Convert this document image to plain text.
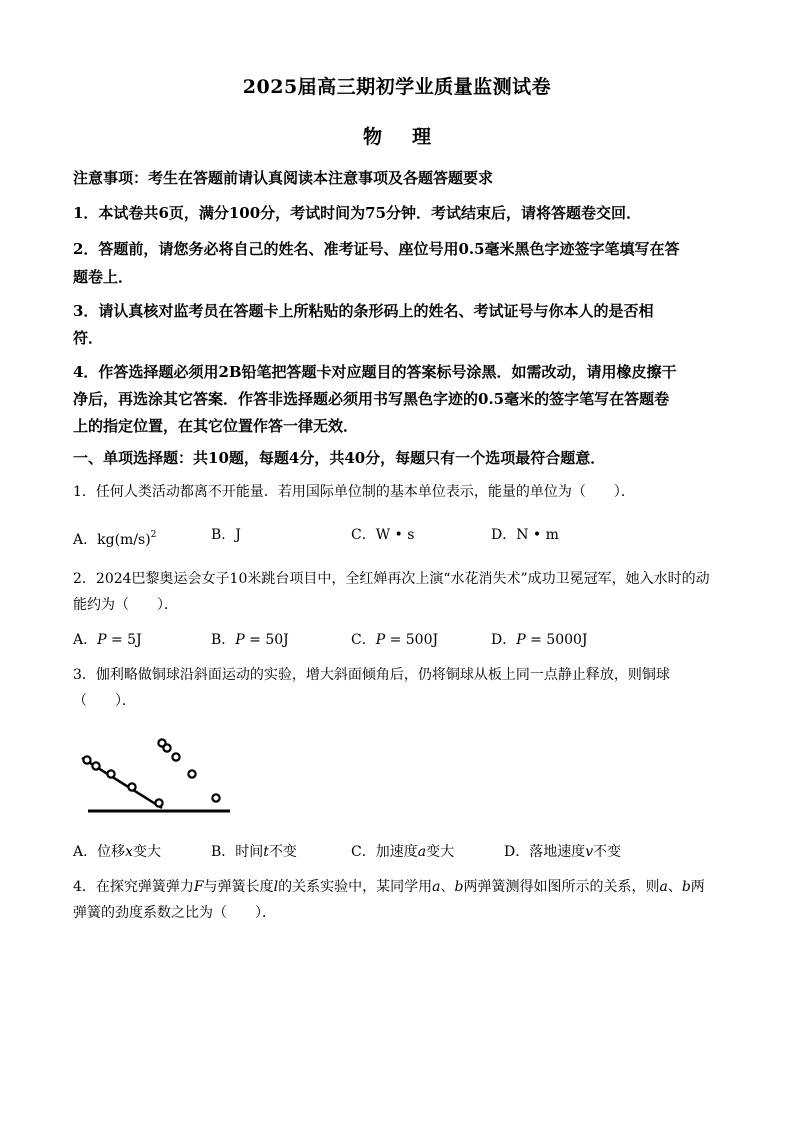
2025届高三期初学业质量监测试卷
物 理
注意事项：考生在答题前请认真阅读本注意事项及各题答题要求
1．本试卷共6页，满分100分，考试时间为75分钟．考试结束后，请将答题卷交回．
2．答题前，请您务必将自己的姓名、准考证号、座位号用0.5毫米黑色字迹签字笔填写在答
题卷上．
3．请认真核对监考员在答题卡上所粘贴的条形码上的姓名、考试证号与你本人的是否相
符．
4．作答选择题必须用2B铅笔把答题卡对应题目的答案标号涂黑．如需改动，请用橡皮擦干
净后，再选涂其它答案．作答非选择题必须用书写黑色字迹的0.5毫米的签字笔写在答题卷
上的指定位置，在其它位置作答一律无效．
一、单项选择题：共10题，每题4分，共40分，每题只有一个选项最符合题意．
1．任何人类活动都离不开能量．若用国际单位制的基本单位表示，能量的单位为（　　）．
A．$kg(m/s)^2$	B．J	C．W • s	D．N • m
2．2024巴黎奥运会女子10米跳台项目中，全红婵再次上演“水花消失术”成功卫冕冠军，她入水时的动
能约为（　　）．
A．P = 5J	B．P = 50J	C．P = 500J	D．P = 5000J
3．伽利略做铜球沿斜面运动的实验，增大斜面倾角后，仍将铜球从板上同一点静止释放，则铜球
（　　）．
A．位移x变大	B．时间t不变	C．加速度a变大	D．落地速度v不变
4．在探究弹簧弹力F与弹簧长度l的关系实验中，某同学用a、b两弹簧测得如图所示的关系，则a、b两
弹簧的劲度系数之比为（　　）．
